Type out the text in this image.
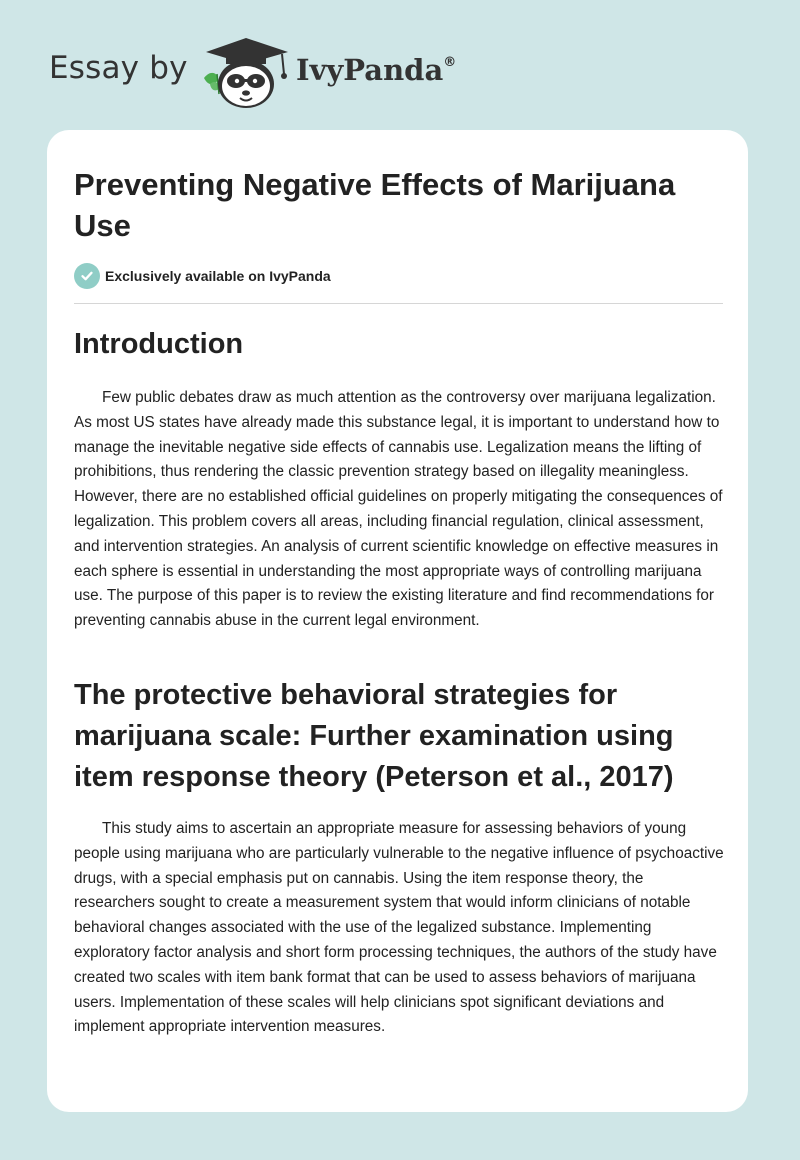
Essay by	IvyPanda®
Preventing Negative Effects of Marijuana Use
Exclusively available on IvyPanda
Introduction

Few public debates draw as much attention as the controversy over marijuana legalization. As most US states have already made this substance legal, it is important to understand how to manage the inevitable negative side effects of cannabis use. Legalization means the lifting of prohibitions, thus rendering the classic prevention strategy based on illegality meaningless. However, there are no established official guidelines on properly mitigating the consequences of legalization. This problem covers all areas, including financial regulation, clinical assessment, and intervention strategies. An analysis of current scientific knowledge on effective measures in each sphere is essential in understanding the most appropriate ways of controlling marijuana use. The purpose of this paper is to review the existing literature and find recommendations for preventing cannabis abuse in the current legal environment.

The protective behavioral strategies for marijuana scale: Further examination using item response theory (Peterson et al., 2017)

This study aims to ascertain an appropriate measure for assessing behaviors of young people using marijuana who are particularly vulnerable to the negative influence of psychoactive drugs, with a special emphasis put on cannabis. Using the item response theory, the researchers sought to create a measurement system that would inform clinicians of notable behavioral changes associated with the use of the legalized substance. Implementing exploratory factor analysis and short form processing techniques, the authors of the study have created two scales with item bank format that can be used to assess behaviors of marijuana users. Implementation of these scales will help clinicians spot significant deviations and implement appropriate intervention measures.
